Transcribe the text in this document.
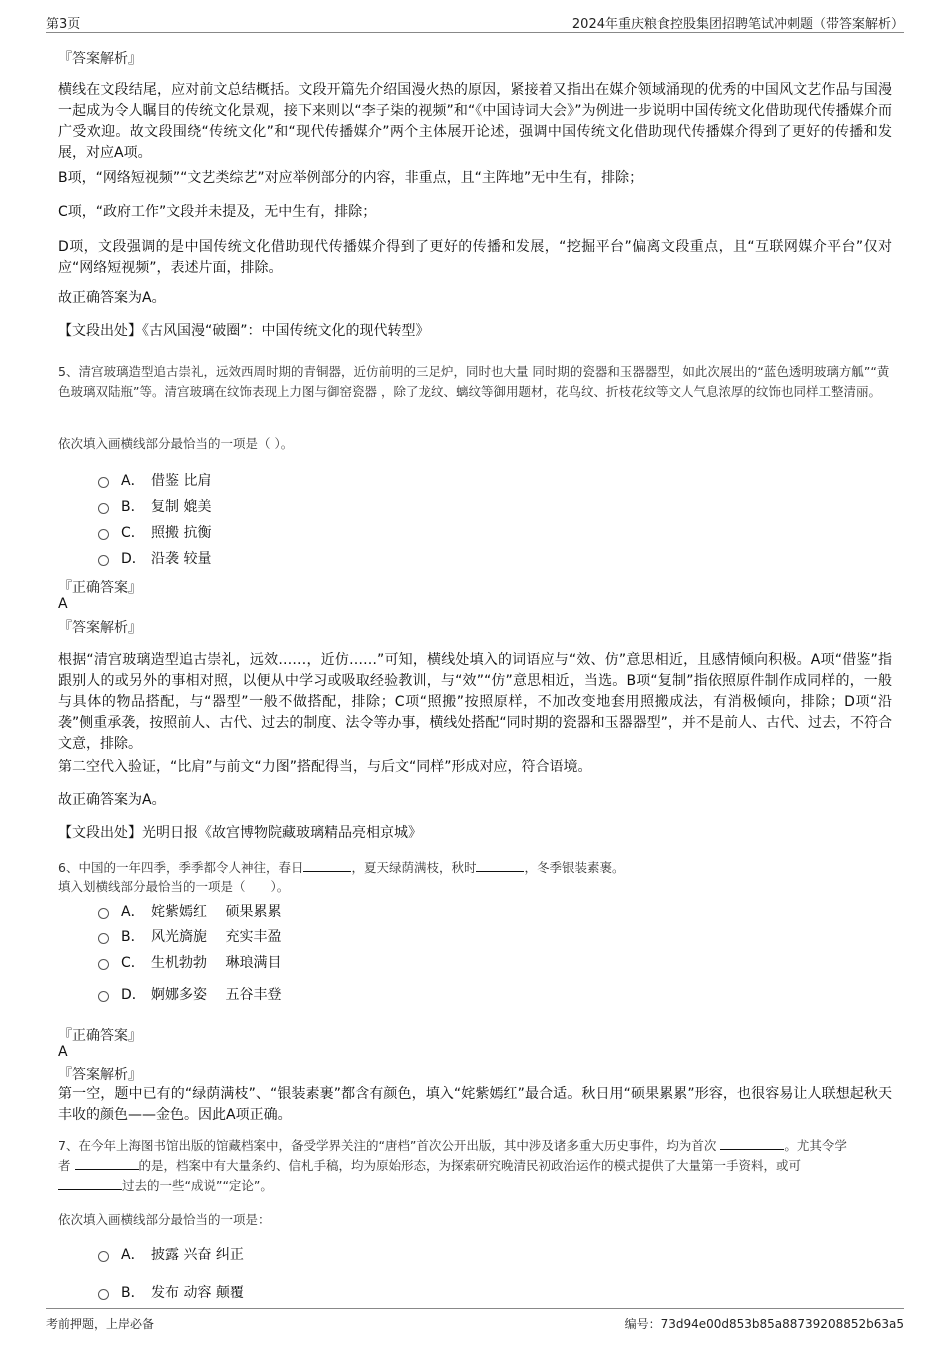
第3页	2024年重庆粮食控股集团招聘笔试冲刺题（带答案解析）
『答案解析』

横线在文段结尾，应对前文总结概括。文段开篇先介绍国漫火热的原因，紧接着又指出在媒介领域涌现的优秀的中国风文艺作品与国漫一起成为令人瞩目的传统文化景观，接下来则以“李子柒的视频”和“《中国诗词大会》”为例进一步说明中国传统文化借助现代传播媒介而广受欢迎。故文段围绕“传统文化”和“现代传播媒介”两个主体展开论述，强调中国传统文化借助现代传播媒介得到了更好的传播和发展，对应A项。

B项，“网络短视频”“文艺类综艺”对应举例部分的内容，非重点，且“主阵地”无中生有，排除；

C项，“政府工作”文段并未提及，无中生有，排除；

D项，文段强调的是中国传统文化借助现代传播媒介得到了更好的传播和发展，“挖掘平台”偏离文段重点，且“互联网媒介平台”仅对应“网络短视频”，表述片面，排除。

故正确答案为A。

【文段出处】《古风国漫“破圈”：中国传统文化的现代转型》

5、清宫玻璃造型追古崇礼，远效西周时期的青铜器，近仿前明的三足炉，同时也大量 同时期的瓷器和玉器器型，如此次展出的“蓝色透明玻璃方觚”“黄色玻璃双陆瓶”等。清宫玻璃在纹饰表现上力图与御窑瓷器 ，除了龙纹、螭纹等御用题材，花鸟纹、折枝花纹等文人气息浓厚的纹饰也同样工整清丽。

依次填入画横线部分最恰当的一项是（ ）。

A． 借鉴 比肩
B． 复制 媲美
C． 照搬 抗衡
D． 沿袭 较量
『正确答案』
A
『答案解析』

根据“清宫玻璃造型追古崇礼，远效……，近仿……”可知，横线处填入的词语应与“效、仿”意思相近，且感情倾向积极。A项“借鉴”指跟别人的或另外的事相对照，以便从中学习或吸取经验教训，与“效”“仿”意思相近，当选。B项“复制”指依照原件制作成同样的，一般与具体的物品搭配，与“器型”一般不做搭配，排除；C项“照搬”按照原样，不加改变地套用照搬成法，有消极倾向，排除；D项“沿袭”侧重承袭，按照前人、古代、过去的制度、法令等办事，横线处搭配“同时期的瓷器和玉器器型”，并不是前人、古代、过去，不符合文意，排除。

第二空代入验证，“比肩”与前文“力图”搭配得当，与后文“同样”形成对应，符合语境。

故正确答案为A。

【文段出处】光明日报《故宫博物院藏玻璃精品亮相京城》

6、中国的一年四季，季季都令人神往，春日	，夏天绿荫满枝，秋时	，冬季银装素裹。

填入划横线部分最恰当的一项是（　　）。

A． 姹紫嫣红　 硕果累累
B． 风光旖旎　 充实丰盈
C． 生机勃勃　 琳琅满目
D． 婀娜多姿　 五谷丰登
『正确答案』
A
『答案解析』

第一空，题中已有的“绿荫满枝”、“银装素裹”都含有颜色，填入“姹紫嫣红”最合适。秋日用“硕果累累”形容，也很容易让人联想起秋天丰收的颜色——金色。因此A项正确。

7、在今年上海图书馆出版的馆藏档案中，备受学界关注的“唐档”首次公开出版，其中涉及诸多重大历史事件，均为首次	。尤其令学
者	的是，档案中有大量条约、信札手稿，均为原始形态，为探索研究晚清民初政治运作的模式提供了大量第一手资料，或可
过去的一些“成说”“定论”。

依次填入画横线部分最恰当的一项是：

A． 披露 兴奋 纠正
B． 发布 动容 颠覆
考前押题，上岸必备	编号：73d94e00d853b85a88739208852b63a5
